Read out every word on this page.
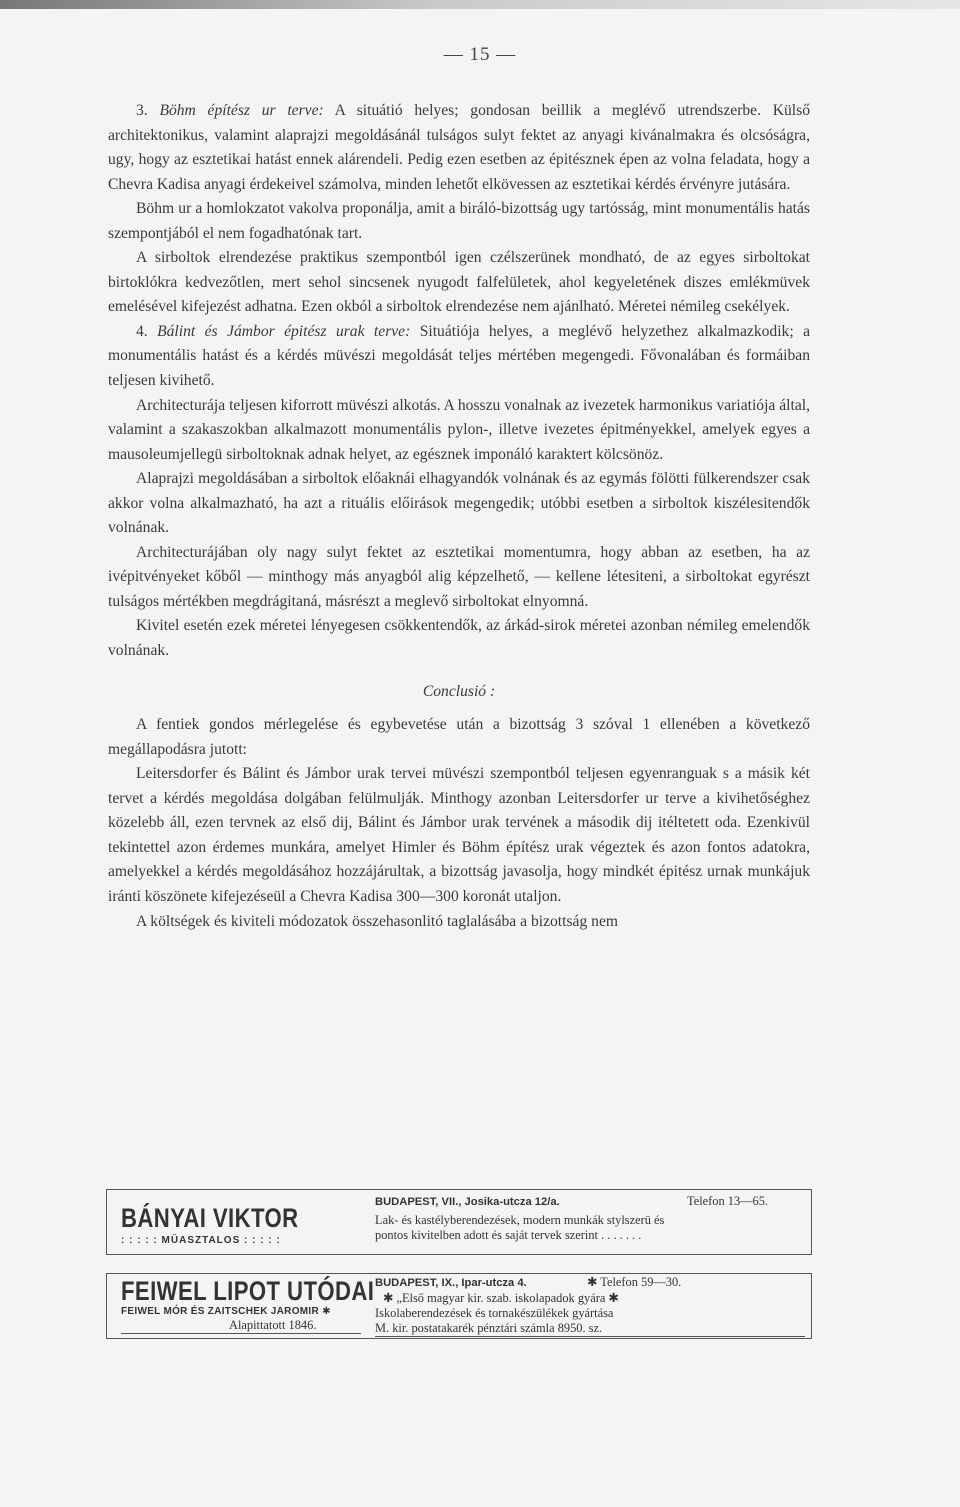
— 15 —

3. Böhm építész ur terve: A situátió helyes; gondosan beillik a meglévő utrendszerbe. Külső architektonikus, valamint alaprajzi megoldásánál tulságos sulyt fektet az anyagi kivánalmakra és olcsóságra, ugy, hogy az esztetikai hatást ennek alárendeli. Pedig ezen esetben az épitésznek épen az volna feladata, hogy a Chevra Kadisa anyagi érdekeivel számolva, minden lehetőt elkövessen az esztetikai kérdés érvényre jutására.

Böhm ur a homlokzatot vakolva proponálja, amit a biráló-bizottság ugy tartósság, mint monumentális hatás szempontjából el nem fogadhatónak tart.

A sirboltok elrendezése praktikus szempontból igen czélszerünek mondható, de az egyes sirboltokat birtoklókra kedvezőtlen, mert sehol sincsenek nyugodt falfelületek, ahol kegyeletének diszes emlékmüvek emelésével kifejezést adhatna. Ezen okból a sirboltok elrendezése nem ajánlható. Méretei némileg csekélyek.

4. Bálint és Jámbor épitész urak terve: Situátiója helyes, a meglévő helyzethez alkalmazkodik; a monumentális hatást és a kérdés müvészi megoldását teljes mértében megengedi. Fővonalában és formáiban teljesen kivihető.

Architecturája teljesen kiforrott müvészi alkotás. A hosszu vonalnak az ivezetek harmonikus variatiója által, valamint a szakaszokban alkalmazott monumentális pylon-, illetve ivezetes épitményekkel, amelyek egyes a mausoleumjellegü sirboltoknak adnak helyet, az egésznek imponáló karaktert kölcsönöz.

Alaprajzi megoldásában a sirboltok előaknái elhagyandók volnának és az egymás fölötti fülkerendszer csak akkor volna alkalmazható, ha azt a rituális előirások megengedik; utóbbi esetben a sirboltok kiszélesitendők volnának.

Architecturájában oly nagy sulyt fektet az esztetikai momentumra, hogy abban az esetben, ha az ivépitvényeket kőből — minthogy más anyagból alig képzelhető, — kellene létesiteni, a sirboltokat egyrészt tulságos mértékben megdrágitaná, másrészt a meglevő sirboltokat elnyomná.

Kivitel esetén ezek méretei lényegesen csökkentendők, az árkád-sirok méretei azonban némileg emelendők volnának.

Conclusió :

A fentiek gondos mérlegelése és egybevetése után a bizottság 3 szóval 1 ellenében a következő megállapodásra jutott:

Leitersdorfer és Bálint és Jámbor urak tervei müvészi szempontból teljesen egyenranguak s a másik két tervet a kérdés megoldása dolgában felülmulják. Minthogy azonban Leitersdorfer ur terve a kivihetőséghez közelebb áll, ezen tervnek az első dij, Bálint és Jámbor urak tervének a második dij itéltetett oda. Ezenkivül tekintettel azon érdemes munkára, amelyet Himler és Böhm építész urak végeztek és azon fontos adatokra, amelyekkel a kérdés megoldásához hozzájárultak, a bizottság javasolja, hogy mindkét épitész urnak munkájuk iránti köszönete kifejezéseül a Chevra Kadisa 300—300 koronát utaljon.

A költségek és kiviteli módozatok összehasonlitó taglalásába a bizottság nem

BÁNYAI VIKTOR
: : : : : MÜASZTALOS : : : : :
BUDAPEST, VII., Josika-utcza 12/a.	Telefon 13—65.
Lak- és kastélyberendezések, modern munkák stylszerü és
pontos kivitelben adott és saját tervek szerint . . . . . . .
FEIWEL LIPOT UTÓDAI
FEIWEL MÓR ÉS ZAITSCHEK JAROMIR ✱
Alapittatott 1846.
BUDAPEST, IX., Ipar-utcza 4.	✱ Telefon 59—30.
✱ „Első magyar kir. szab. iskolapadok gyára ✱
Iskolaberendezések és tornakészülékek gyártása
M. kir. postatakarék pénztári számla 8950. sz.
